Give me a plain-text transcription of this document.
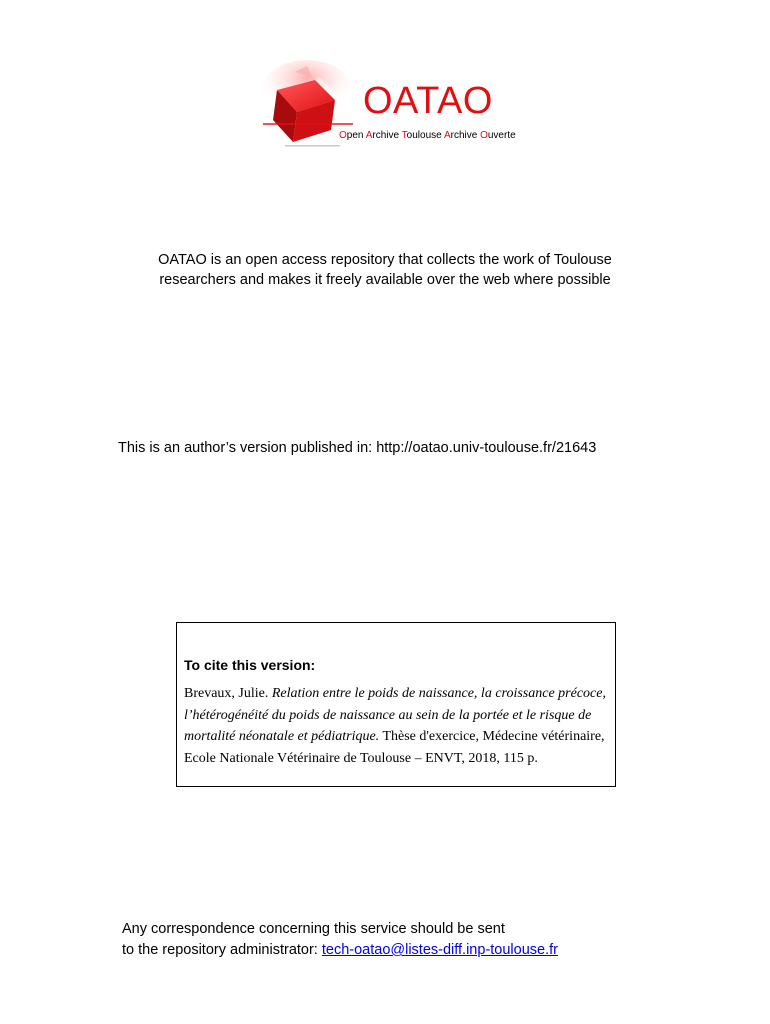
OATAO
Open Archive Toulouse Archive Ouverte
OATAO is an open access repository that collects the work of Toulouse
researchers and makes it freely available over the web where possible
This is an author’s version published in: http://oatao.univ-toulouse.fr/21643
To cite this version:
Brevaux, Julie. Relation entre le poids de naissance, la croissance précoce, l’hétérogénéité du poids de naissance au sein de la portée et le risque de mortalité néonatale et pédiatrique. Thèse d'exercice, Médecine vétérinaire, Ecole Nationale Vétérinaire de Toulouse – ENVT, 2018, 115 p.
Any correspondence concerning this service should be sent
to the repository administrator: tech-oatao@listes-diff.inp-toulouse.fr
